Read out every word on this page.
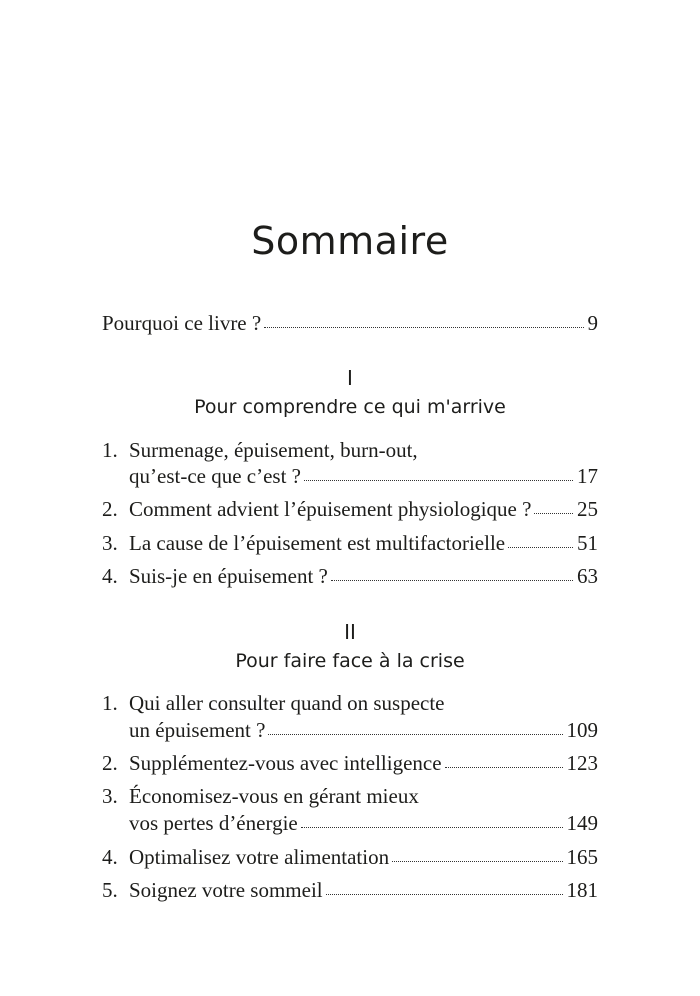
Sommaire
Pourquoi ce livre ?	9
I
Pour comprendre ce qui m'arrive
1. Surmenage, épuisement, burn-out,
qu’est-ce que c’est ?	17
2. Comment advient l’épuisement physiologique ? 25
3. La cause de l’épuisement est multifactorielle	51
4. Suis-je en épuisement ?	63
II
Pour faire face à la crise
1. Qui aller consulter quand on suspecte
un épuisement ?	109
2. Supplémentez-vous avec intelligence	123
3. Économisez-vous en gérant mieux
vos pertes d’énergie	149
4. Optimalisez votre alimentation	165
5. Soignez votre sommeil	181
